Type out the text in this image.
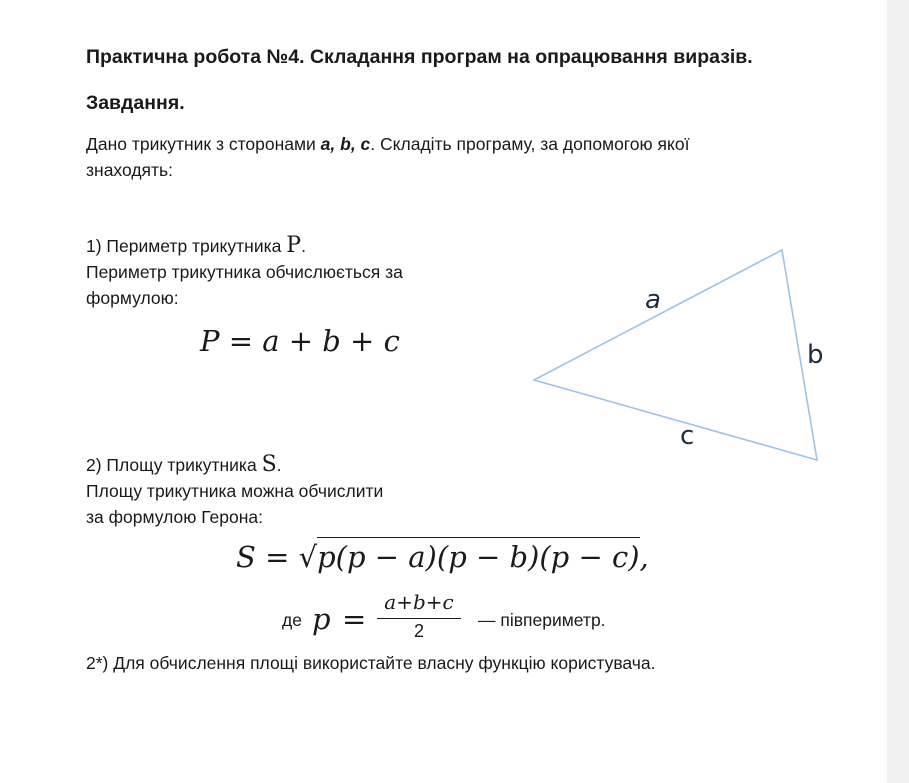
Практична робота №4. Складання програм на опрацювання виразів.
Завдання.
Дано трикутник з сторонами a, b, c. Складіть програму, за допомогою якої
знаходять:
1) Периметр трикутника P.
Периметр трикутника обчислюється за
формулою:
P = a + b + c
a
b
c
2) Площу трикутника S.
Площу трикутника можна обчислити
за формулою Герона:
S = √p(p − a)(p − b)(p − c),
де p = a+b+c
2
— півпериметр.
2*) Для обчислення площі використайте власну функцію користувача.
